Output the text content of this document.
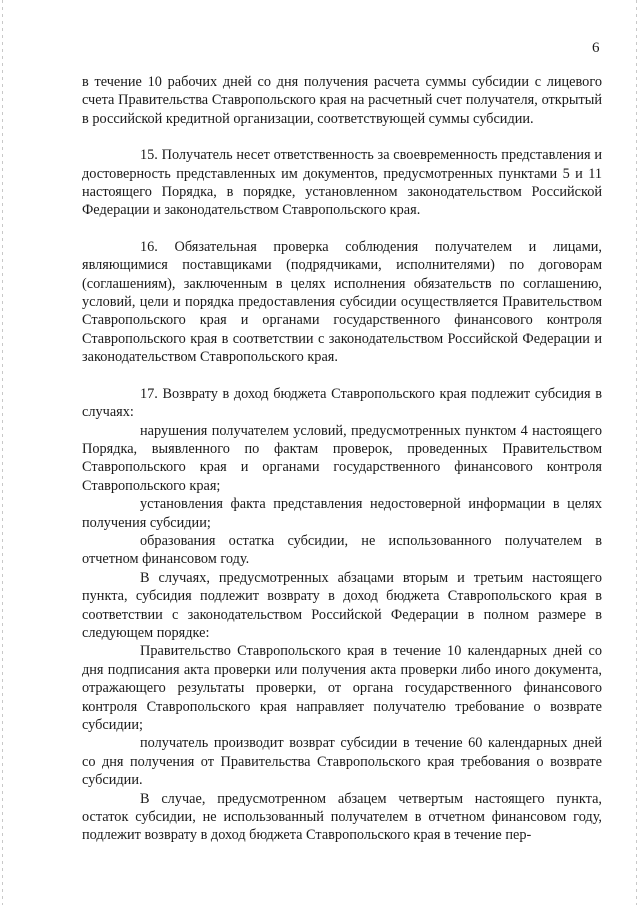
6

в течение 10 рабочих дней со дня получения расчета суммы субсидии с лицевого счета Правительства Ставропольского края на расчетный счет получателя, открытый в российской кредитной организации, соответствующей суммы субсидии.

15. Получатель несет ответственность за своевременность представления и достоверность представленных им документов, предусмотренных пунктами 5 и 11 настоящего Порядка, в порядке, установленном законодательством Российской Федерации и законодательством Ставропольского края.

16. Обязательная проверка соблюдения получателем и лицами, являющимися поставщиками (подрядчиками, исполнителями) по договорам (соглашениям), заключенным в целях исполнения обязательств по соглашению, условий, цели и порядка предоставления субсидии осуществляется Правительством Ставропольского края и органами государственного финансового контроля Ставропольского края в соответствии с законодательством Российской Федерации и законодательством Ставропольского края.

17. Возврату в доход бюджета Ставропольского края подлежит субсидия в случаях:

нарушения получателем условий, предусмотренных пунктом 4 настоящего Порядка, выявленного по фактам проверок, проведенных Правительством Ставропольского края и органами государственного финансового контроля Ставропольского края;

установления факта представления недостоверной информации в целях получения субсидии;

образования остатка субсидии, не использованного получателем в отчетном финансовом году.

В случаях, предусмотренных абзацами вторым и третьим настоящего пункта, субсидия подлежит возврату в доход бюджета Ставропольского края в соответствии с законодательством Российской Федерации в полном размере в следующем порядке:

Правительство Ставропольского края в течение 10 календарных дней со дня подписания акта проверки или получения акта проверки либо иного документа, отражающего результаты проверки, от органа государственного финансового контроля Ставропольского края направляет получателю требование о возврате субсидии;

получатель производит возврат субсидии в течение 60 календарных дней со дня получения от Правительства Ставропольского края требования о возврате субсидии.

В случае, предусмотренном абзацем четвертым настоящего пункта, остаток субсидии, не использованный получателем в отчетном финансовом году, подлежит возврату в доход бюджета Ставропольского края в течение пер-
